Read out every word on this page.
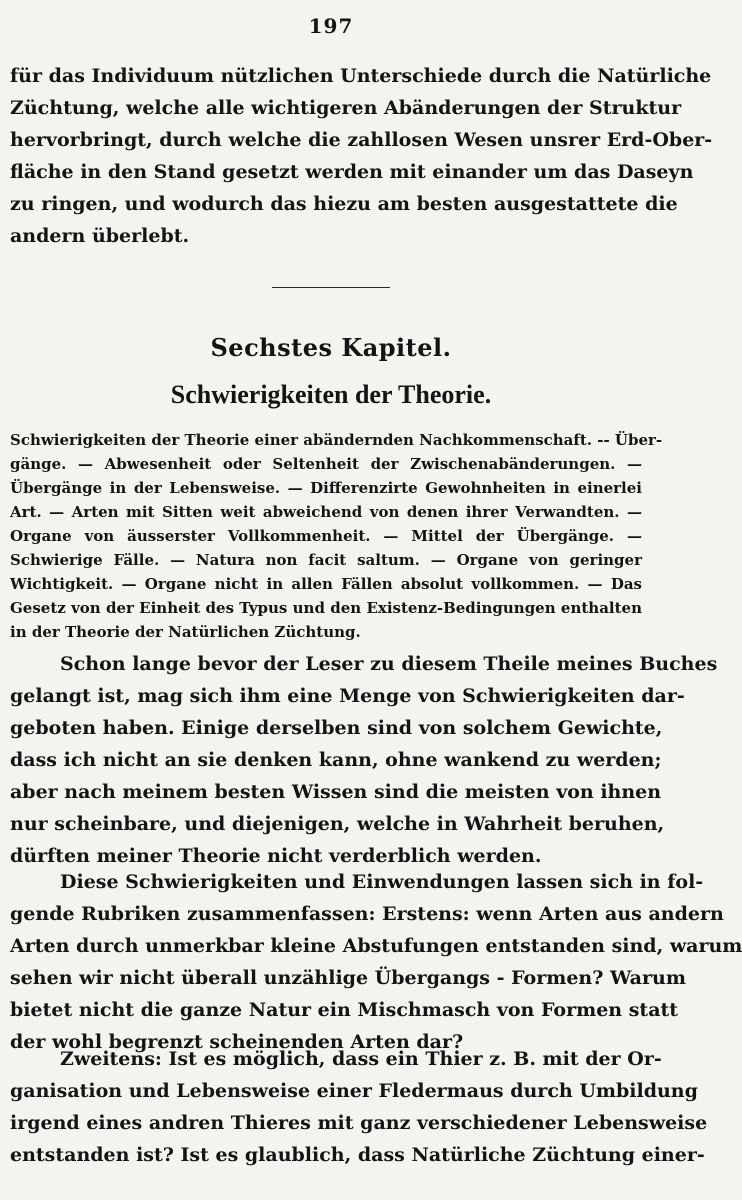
197
für das Individuum nützlichen Unterschiede durch die Natürliche
Züchtung, welche alle wichtigeren Abänderungen der Struktur
hervorbringt, durch welche die zahllosen Wesen unsrer Erd-Ober-
fläche in den Stand gesetzt werden mit einander um das Daseyn
zu ringen, und wodurch das hiezu am besten ausgestattete die
andern überlebt.
Sechstes Kapitel.
Schwierigkeiten der Theorie.
Schwierigkeiten der Theorie einer abändernden Nachkommenschaft. -- Über-
gänge. — Abwesenheit oder Seltenheit der Zwischenabänderungen. —
Übergänge in der Lebensweise. — Differenzirte Gewohnheiten in einerlei
Art. — Arten mit Sitten weit abweichend von denen ihrer Verwandten. —
Organe von äusserster Vollkommenheit. — Mittel der Übergänge. —
Schwierige Fälle. — Natura non facit saltum. — Organe von geringer
Wichtigkeit. — Organe nicht in allen Fällen absolut vollkommen. — Das
Gesetz von der Einheit des Typus und den Existenz-Bedingungen enthalten
in der Theorie der Natürlichen Züchtung.
Schon lange bevor der Leser zu diesem Theile meines Buches
gelangt ist, mag sich ihm eine Menge von Schwierigkeiten dar-
geboten haben. Einige derselben sind von solchem Gewichte,
dass ich nicht an sie denken kann, ohne wankend zu werden;
aber nach meinem besten Wissen sind die meisten von ihnen
nur scheinbare, und diejenigen, welche in Wahrheit beruhen,
dürften meiner Theorie nicht verderblich werden.
Diese Schwierigkeiten und Einwendungen lassen sich in fol-
gende Rubriken zusammenfassen: Erstens: wenn Arten aus andern
Arten durch unmerkbar kleine Abstufungen entstanden sind, warum
sehen wir nicht überall unzählige Übergangs - Formen? Warum
bietet nicht die ganze Natur ein Mischmasch von Formen statt
der wohl begrenzt scheinenden Arten dar?
Zweitens: Ist es möglich, dass ein Thier z. B. mit der Or-
ganisation und Lebensweise einer Fledermaus durch Umbildung
irgend eines andren Thieres mit ganz verschiedener Lebensweise
entstanden ist? Ist es glaublich, dass Natürliche Züchtung einer-
